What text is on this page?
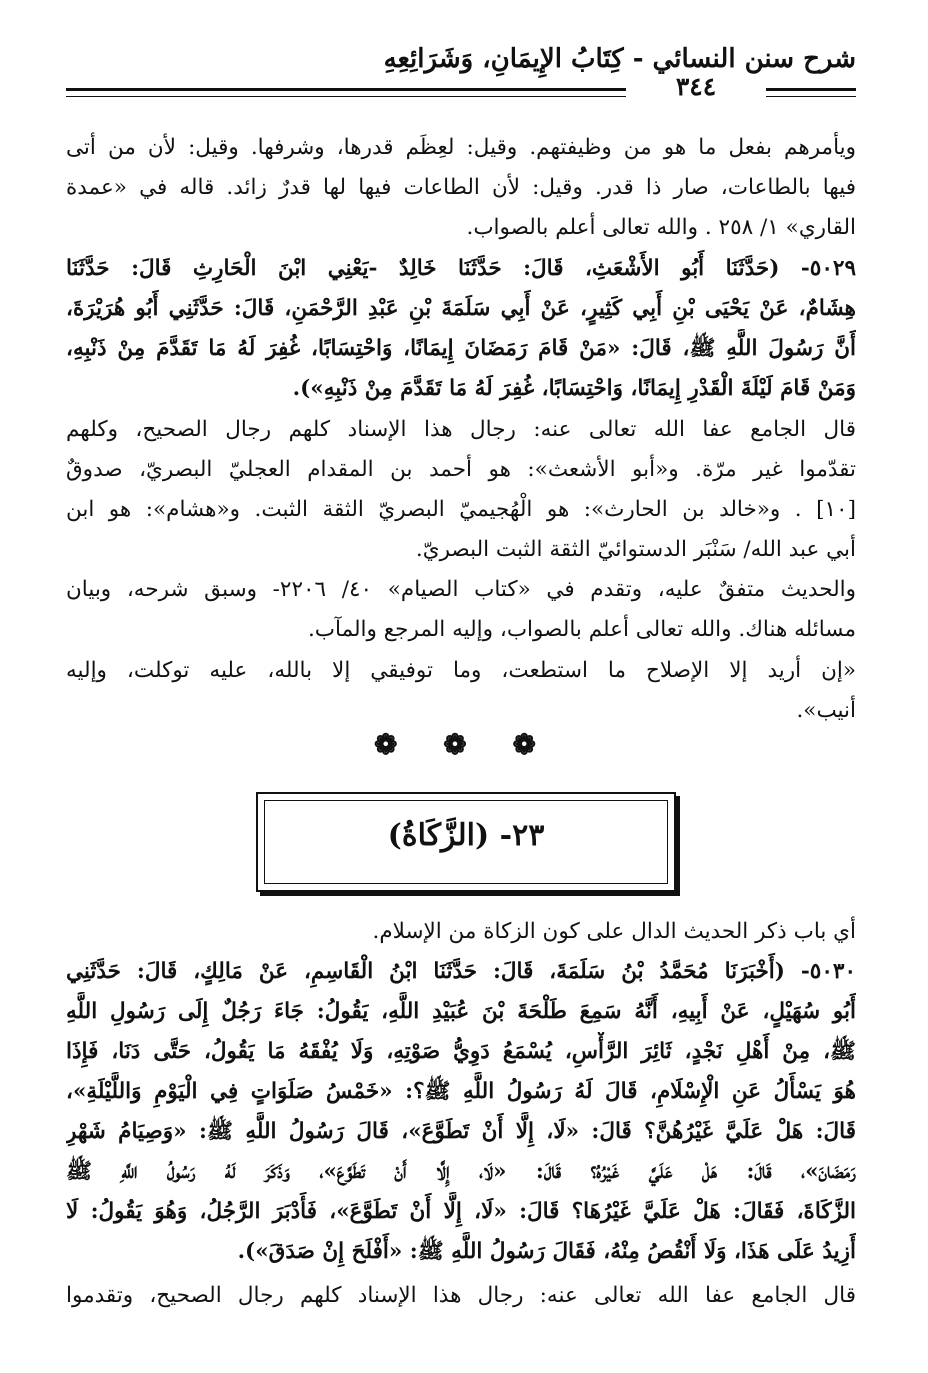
شرح سنن النسائي - كِتَابُ الإِيمَانِ، وَشَرَائِعِهِ
٣٤٤
ويأمرهم بفعل ما هو من وظيفتهم. وقيل: لعِظَم قدرها، وشرفها. وقيل: لأن من أتى
فيها بالطاعات، صار ذا قدر. وقيل: لأن الطاعات فيها لها قدرٌ زائد. قاله في «عمدة
القاري» ١/ ٢٥٨ . والله تعالى أعلم بالصواب.
٥٠٢٩- (حَدَّثَنَا أَبُو الأَشْعَثِ، قَالَ: حَدَّثَنَا خَالِدٌ -يَعْنِي ابْنَ الْحَارِثِ قَالَ: حَدَّثَنَا
هِشَامٌ، عَنْ يَحْيَى بْنِ أَبِي كَثِيرٍ، عَنْ أَبِي سَلَمَةَ بْنِ عَبْدِ الرَّحْمَنِ، قَالَ: حَدَّثَنِي أَبُو هُرَيْرَةَ،
أَنَّ رَسُولَ اللَّهِ ﷺ، قَالَ: «مَنْ قَامَ رَمَضَانَ إِيمَانًا، وَاحْتِسَابًا، غُفِرَ لَهُ مَا تَقَدَّمَ مِنْ ذَنْبِهِ،
وَمَنْ قَامَ لَيْلَةَ الْقَدْرِ إِيمَانًا، وَاحْتِسَابًا، غُفِرَ لَهُ مَا تَقَدَّمَ مِنْ ذَنْبِهِ»).
قال الجامع عفا الله تعالى عنه: رجال هذا الإسناد كلهم رجال الصحيح، وكلهم
تقدّموا غير مرّة. و«أبو الأشعث»: هو أحمد بن المقدام العجليّ البصريّ، صدوقٌ
[١٠] . و«خالد بن الحارث»: هو الْهُجيميّ البصريّ الثقة الثبت. و«هشام»: هو ابن
أبي عبد الله/ سَنْبَر الدستوائيّ الثقة الثبت البصريّ.
والحديث متفقٌ عليه، وتقدم في «كتاب الصيام» ٤٠/ ٢٢٠٦- وسبق شرحه، وبيان
مسائله هناك. والله تعالى أعلم بالصواب، وإليه المرجع والمآب.
«إن أريد إلا الإصلاح ما استطعت، وما توفيقي إلا بالله، عليه توكلت، وإليه
أنيب».
❁ ❁ ❁
٢٣- (الزَّكَاةُ)
أي باب ذكر الحديث الدال على كون الزكاة من الإسلام.
٥٠٣٠- (أَخْبَرَنَا مُحَمَّدُ بْنُ سَلَمَةَ، قَالَ: حَدَّثَنَا ابْنُ الْقَاسِمِ، عَنْ مَالِكٍ، قَالَ: حَدَّثَنِي
أَبُو سُهَيْلٍ، عَنْ أَبِيهِ، أَنَّهُ سَمِعَ طَلْحَةَ بْنَ عُبَيْدِ اللَّهِ، يَقُولُ: جَاءَ رَجُلٌ إِلَى رَسُولِ اللَّهِ
ﷺ، مِنْ أَهْلِ نَجْدٍ، ثَائِرَ الرَّأْسِ، يُسْمَعُ دَوِيُّ صَوْتِهِ، وَلَا يُفْقَهُ مَا يَقُولُ، حَتَّى دَنَا، فَإِذَا
هُوَ يَسْأَلُ عَنِ الْإِسْلَامِ، قَالَ لَهُ رَسُولُ اللَّهِ ﷺ؟: «خَمْسُ صَلَوَاتٍ فِي الْيَوْمِ وَاللَّيْلَةِ»،
قَالَ: هَلْ عَلَيَّ غَيْرُهُنَّ؟ قَالَ: «لَا، إِلَّا أَنْ تَطَوَّعَ»، قَالَ رَسُولُ اللَّهِ ﷺ: «وَصِيَامُ شَهْرِ
رَمَضَانَ»، قَالَ: هَلْ عَلَيَّ غَيْرُهُ؟ قَالَ: «لَا، إِلَّا أَنْ تَطَوَّعَ»، وَذَكَرَ لَهُ رَسُولُ اللَّهِ ﷺ
الزَّكَاةَ، فَقَالَ: هَلْ عَلَيَّ غَيْرُهَا؟ قَالَ: «لَا، إِلَّا أَنْ تَطَوَّعَ»، فَأَدْبَرَ الرَّجُلُ، وَهُوَ يَقُولُ: لَا
أَزِيدُ عَلَى هَذَا، وَلَا أَنْقُصُ مِنْهُ، فَقَالَ رَسُولُ اللَّهِ ﷺ: «أَفْلَحَ إِنْ صَدَقَ»).
قال الجامع عفا الله تعالى عنه: رجال هذا الإسناد كلهم رجال الصحيح، وتقدموا
